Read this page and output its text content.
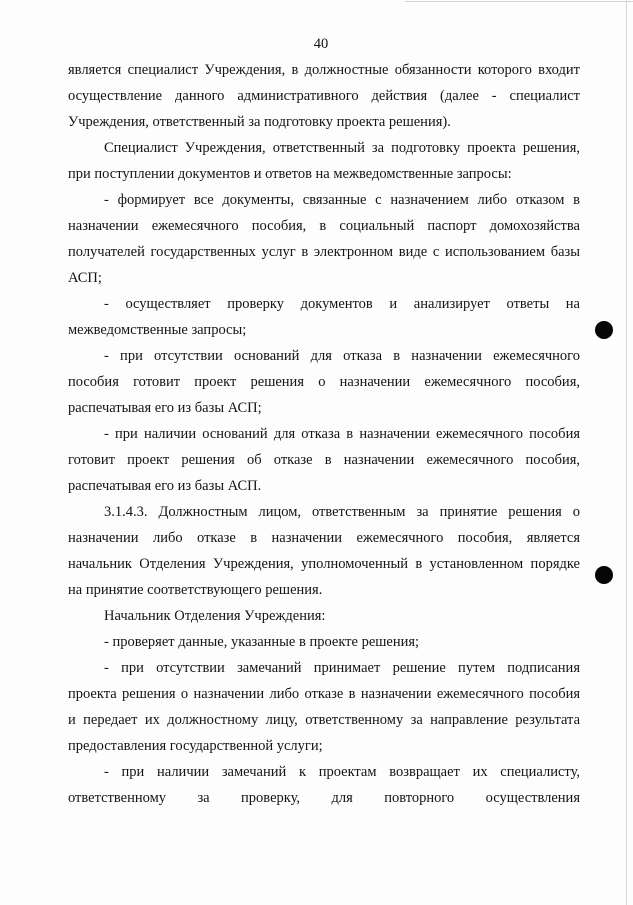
40
является специалист Учреждения, в должностные обязанности которого входит
осуществление данного административного действия (далее - специалист
Учреждения, ответственный за подготовку проекта решения).
Специалист Учреждения, ответственный за подготовку проекта решения,
при поступлении документов и ответов на межведомственные запросы:
- формирует все документы, связанные с назначением либо отказом в
назначении ежемесячного пособия, в социальный паспорт домохозяйства
получателей государственных услуг в электронном виде с использованием базы
АСП;
- осуществляет проверку документов и анализирует ответы на
межведомственные запросы;
- при отсутствии оснований для отказа в назначении ежемесячного
пособия готовит проект решения о назначении ежемесячного пособия,
распечатывая его из базы АСП;
- при наличии оснований для отказа в назначении ежемесячного пособия
готовит проект решения об отказе в назначении ежемесячного пособия,
распечатывая его из базы АСП.
3.1.4.3. Должностным лицом, ответственным за принятие решения о
назначении либо отказе в назначении ежемесячного пособия, является
начальник Отделения Учреждения, уполномоченный в установленном порядке
на принятие соответствующего решения.
Начальник Отделения Учреждения:
- проверяет данные, указанные в проекте решения;
- при отсутствии замечаний принимает решение путем подписания
проекта решения о назначении либо отказе в назначении ежемесячного пособия
и передает их должностному лицу, ответственному за направление результата
предоставления государственной услуги;
- при наличии замечаний к проектам возвращает их специалисту,
ответственному за проверку, для повторного осуществления
